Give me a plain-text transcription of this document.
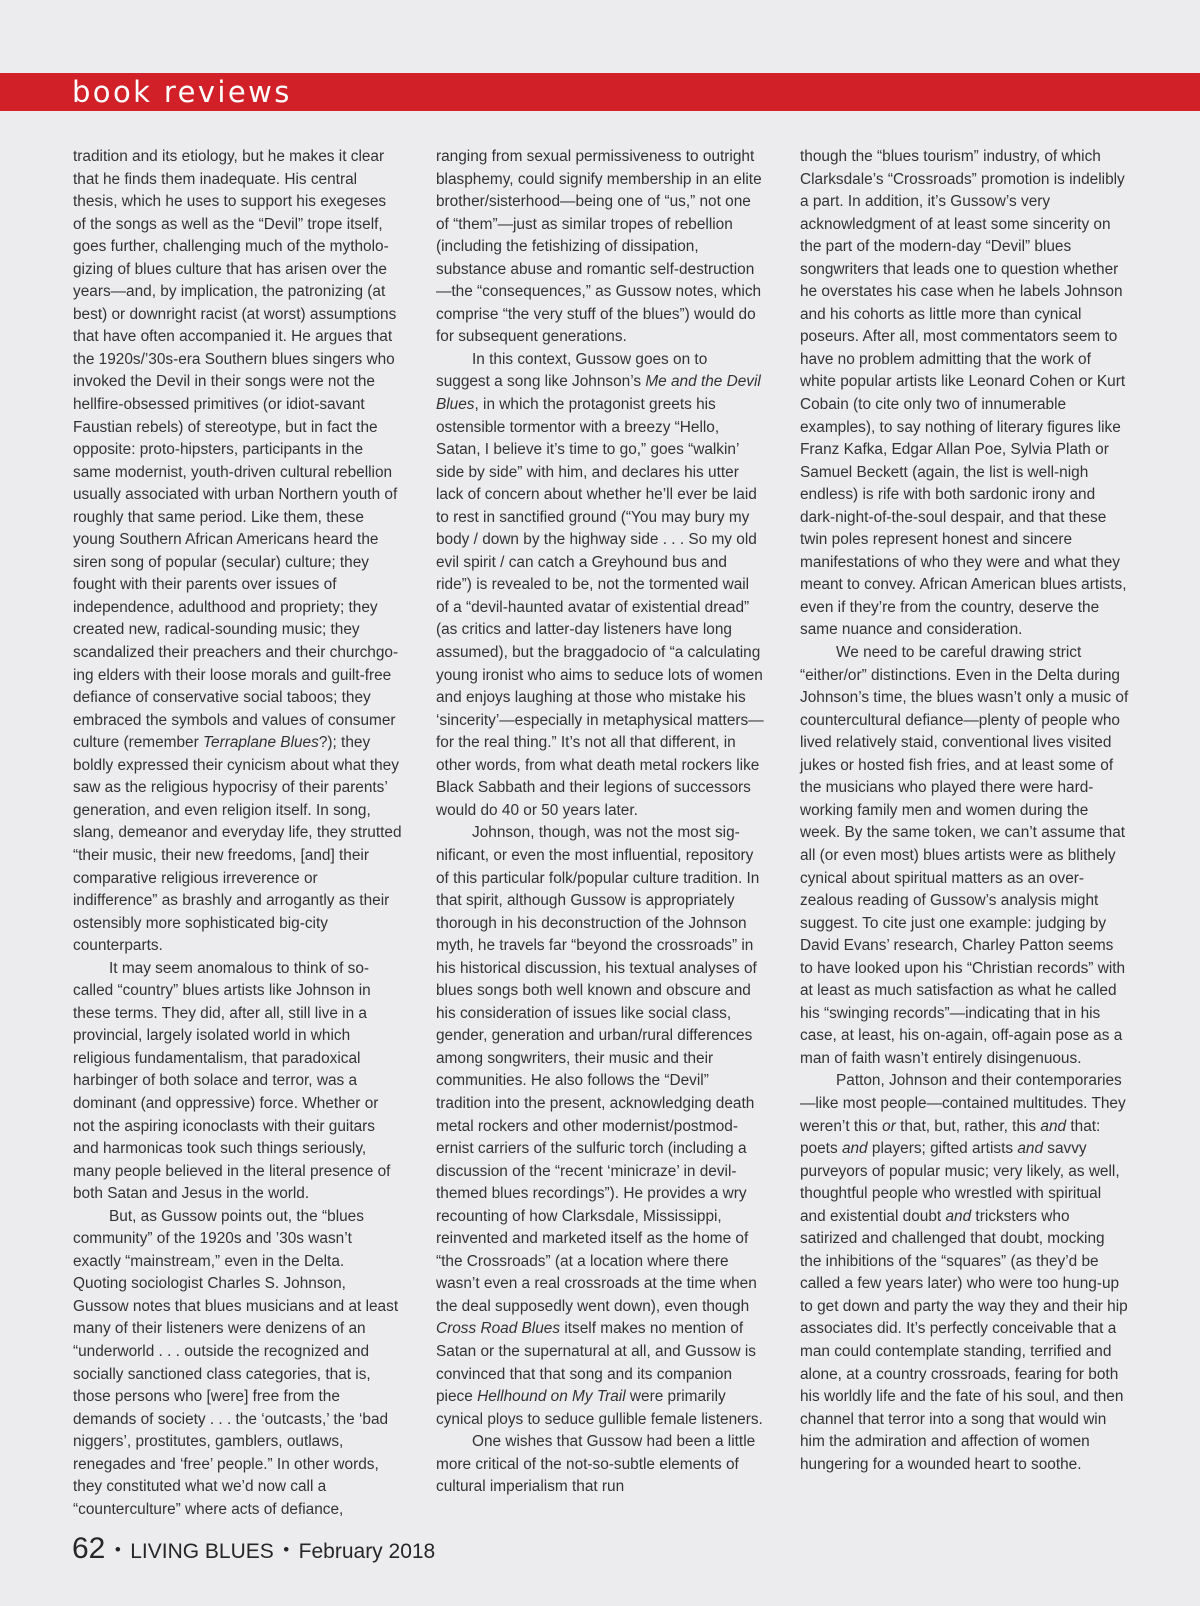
book reviews

tradition and its etiology, but he makes it clear that he finds them inadequate. His central thesis, which he uses to support his exegeses of the songs as well as the “Devil” trope itself, goes further, challenging much of the mythologizing of blues culture that has arisen over the years—and, by implication, the patronizing (at best) or downright racist (at worst) assumptions that have often accompanied it. He argues that the 1920s/’30s-era Southern blues singers who invoked the Devil in their songs were not the hellfire-obsessed primitives (or idiot-savant Faustian rebels) of stereotype, but in fact the opposite: proto-hipsters, participants in the same modernist, youth-driven cultural rebellion usually associated with urban Northern youth of roughly that same period. Like them, these young Southern African Americans heard the siren song of popular (secular) culture; they fought with their parents over issues of independence, adulthood and propriety; they created new, radical-sounding music; they scandalized their preachers and their churchgoing elders with their loose morals and guilt-free defiance of conservative social taboos; they embraced the symbols and values of consumer culture (remember Terraplane Blues?); they boldly expressed their cynicism about what they saw as the religious hypocrisy of their parents’ generation, and even religion itself. In song, slang, demeanor and everyday life, they strutted “their music, their new freedoms, [and] their comparative religious irreverence or indifference” as brashly and arrogantly as their ostensibly more sophisticated big-city counterparts.

It may seem anomalous to think of so-called “country” blues artists like Johnson in these terms. They did, after all, still live in a provincial, largely isolated world in which religious fundamentalism, that paradoxical harbinger of both solace and terror, was a dominant (and oppressive) force. Whether or not the aspiring iconoclasts with their guitars and harmonicas took such things seriously, many people believed in the literal presence of both Satan and Jesus in the world.

But, as Gussow points out, the “blues community” of the 1920s and ’30s wasn’t exactly “mainstream,” even in the Delta. Quoting sociologist Charles S. Johnson, Gussow notes that blues musicians and at least many of their listeners were denizens of an “underworld . . . outside the recognized and socially sanctioned class categories, that is, those persons who [were] free from the demands of society . . . the ‘outcasts,’ the ‘bad niggers’, prostitutes, gamblers, outlaws, renegades and ‘free’ people.” In other words, they constituted what we’d now call a “counterculture” where acts of defiance,

ranging from sexual permissiveness to outright blasphemy, could signify membership in an elite brother/sisterhood—being one of “us,” not one of “them”—just as similar tropes of rebellion (including the fetishizing of dissipation, substance abuse and romantic self-destruction—the “consequences,” as Gussow notes, which comprise “the very stuff of the blues”) would do for subsequent generations.

In this context, Gussow goes on to suggest a song like Johnson’s Me and the Devil Blues, in which the protagonist greets his ostensible tormentor with a breezy “Hello, Satan, I believe it’s time to go,” goes “walkin’ side by side” with him, and declares his utter lack of concern about whether he’ll ever be laid to rest in sanctified ground (“You may bury my body / down by the highway side . . . So my old evil spirit / can catch a Greyhound bus and ride”) is revealed to be, not the tormented wail of a “devil-haunted avatar of existential dread” (as critics and latter-day listeners have long assumed), but the braggadocio of “a calculating young ironist who aims to seduce lots of women and enjoys laughing at those who mistake his ‘sincerity’—especially in metaphysical matters—for the real thing.” It’s not all that different, in other words, from what death metal rockers like Black Sabbath and their legions of successors would do 40 or 50 years later.

Johnson, though, was not the most significant, or even the most influential, repository of this particular folk/popular culture tradition. In that spirit, although Gussow is appropriately thorough in his deconstruction of the Johnson myth, he travels far “beyond the crossroads” in his historical discussion, his textual analyses of blues songs both well known and obscure and his consideration of issues like social class, gender, generation and urban/rural differences among songwriters, their music and their communities. He also follows the “Devil” tradition into the present, acknowledging death metal rockers and other modernist/postmodernist carriers of the sulfuric torch (including a discussion of the “recent ‘minicraze’ in devil-themed blues recordings”). He provides a wry recounting of how Clarksdale, Mississippi, reinvented and marketed itself as the home of “the Crossroads” (at a location where there wasn’t even a real crossroads at the time when the deal supposedly went down), even though Cross Road Blues itself makes no mention of Satan or the supernatural at all, and Gussow is convinced that that song and its companion piece Hellhound on My Trail were primarily cynical ploys to seduce gullible female listeners.

One wishes that Gussow had been a little more critical of the not-so-subtle elements of cultural imperialism that run

though the “blues tourism” industry, of which Clarksdale’s “Crossroads” promotion is indelibly a part. In addition, it’s Gussow’s very acknowledgment of at least some sincerity on the part of the modern-day “Devil” blues songwriters that leads one to question whether he overstates his case when he labels Johnson and his cohorts as little more than cynical poseurs. After all, most commentators seem to have no problem admitting that the work of white popular artists like Leonard Cohen or Kurt Cobain (to cite only two of innumerable examples), to say nothing of literary figures like Franz Kafka, Edgar Allan Poe, Sylvia Plath or Samuel Beckett (again, the list is well-nigh endless) is rife with both sardonic irony and dark-night-of-the-soul despair, and that these twin poles represent honest and sincere manifestations of who they were and what they meant to convey. African American blues artists, even if they’re from the country, deserve the same nuance and consideration.

We need to be careful drawing strict “either/or” distinctions. Even in the Delta during Johnson’s time, the blues wasn’t only a music of countercultural defiance—plenty of people who lived relatively staid, conventional lives visited jukes or hosted fish fries, and at least some of the musicians who played there were hard-working family men and women during the week. By the same token, we can’t assume that all (or even most) blues artists were as blithely cynical about spiritual matters as an over-zealous reading of Gussow’s analysis might suggest. To cite just one example: judging by David Evans’ research, Charley Patton seems to have looked upon his “Christian records” with at least as much satisfaction as what he called his “swinging records”—indicating that in his case, at least, his on-again, off-again pose as a man of faith wasn’t entirely disingenuous.

Patton, Johnson and their contemporaries—like most people—contained multitudes. They weren’t this or that, but, rather, this and that: poets and players; gifted artists and savvy purveyors of popular music; very likely, as well, thoughtful people who wrestled with spiritual and existential doubt and tricksters who satirized and challenged that doubt, mocking the inhibitions of the “squares” (as they’d be called a few years later) who were too hung-up to get down and party the way they and their hip associates did. It’s perfectly conceivable that a man could contemplate standing, terrified and alone, at a country crossroads, fearing for both his worldly life and the fate of his soul, and then channel that terror into a song that would win him the admiration and affection of women hungering for a wounded heart to soothe.

62 • LIVING BLUES • February 2018
